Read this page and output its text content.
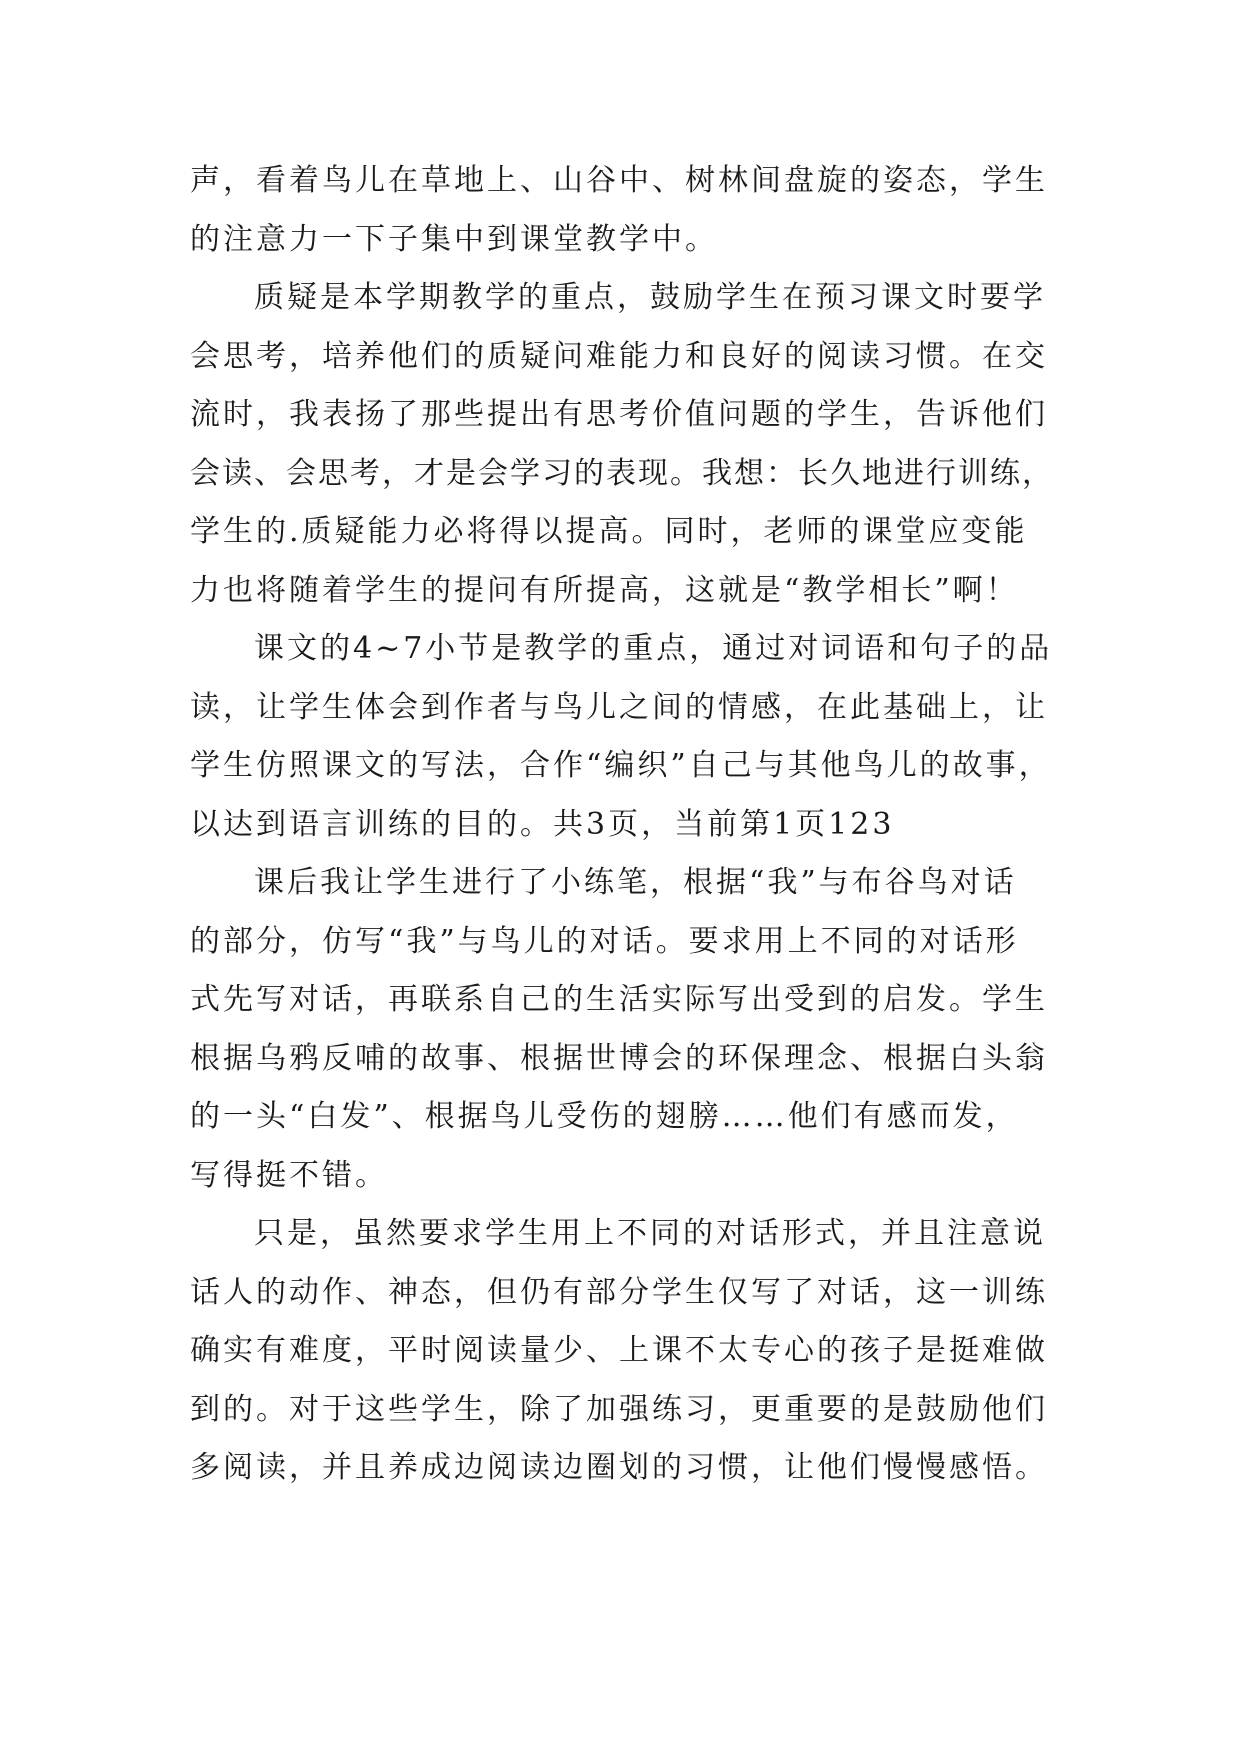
声，看着鸟儿在草地上、山谷中、树林间盘旋的姿态，学生
的注意力一下子集中到课堂教学中。
质疑是本学期教学的重点，鼓励学生在预习课文时要学
会思考，培养他们的质疑问难能力和良好的阅读习惯。在交
流时，我表扬了那些提出有思考价值问题的学生，告诉他们
会读、会思考，才是会学习的表现。我想：长久地进行训练，
学生的.质疑能力必将得以提高。同时，老师的课堂应变能
力也将随着学生的提问有所提高，这就是“教学相长”啊！
课文的4~7小节是教学的重点，通过对词语和句子的品
读，让学生体会到作者与鸟儿之间的情感，在此基础上，让
学生仿照课文的写法，合作“编织”自己与其他鸟儿的故事，
以达到语言训练的目的。共3页，当前第1页123
课后我让学生进行了小练笔，根据“我”与布谷鸟对话
的部分，仿写“我”与鸟儿的对话。要求用上不同的对话形
式先写对话，再联系自己的生活实际写出受到的启发。学生
根据乌鸦反哺的故事、根据世博会的环保理念、根据白头翁
的一头“白发”、根据鸟儿受伤的翅膀……他们有感而发，
写得挺不错。
只是，虽然要求学生用上不同的对话形式，并且注意说
话人的动作、神态，但仍有部分学生仅写了对话，这一训练
确实有难度，平时阅读量少、上课不太专心的孩子是挺难做
到的。对于这些学生，除了加强练习，更重要的是鼓励他们
多阅读，并且养成边阅读边圈划的习惯，让他们慢慢感悟。
